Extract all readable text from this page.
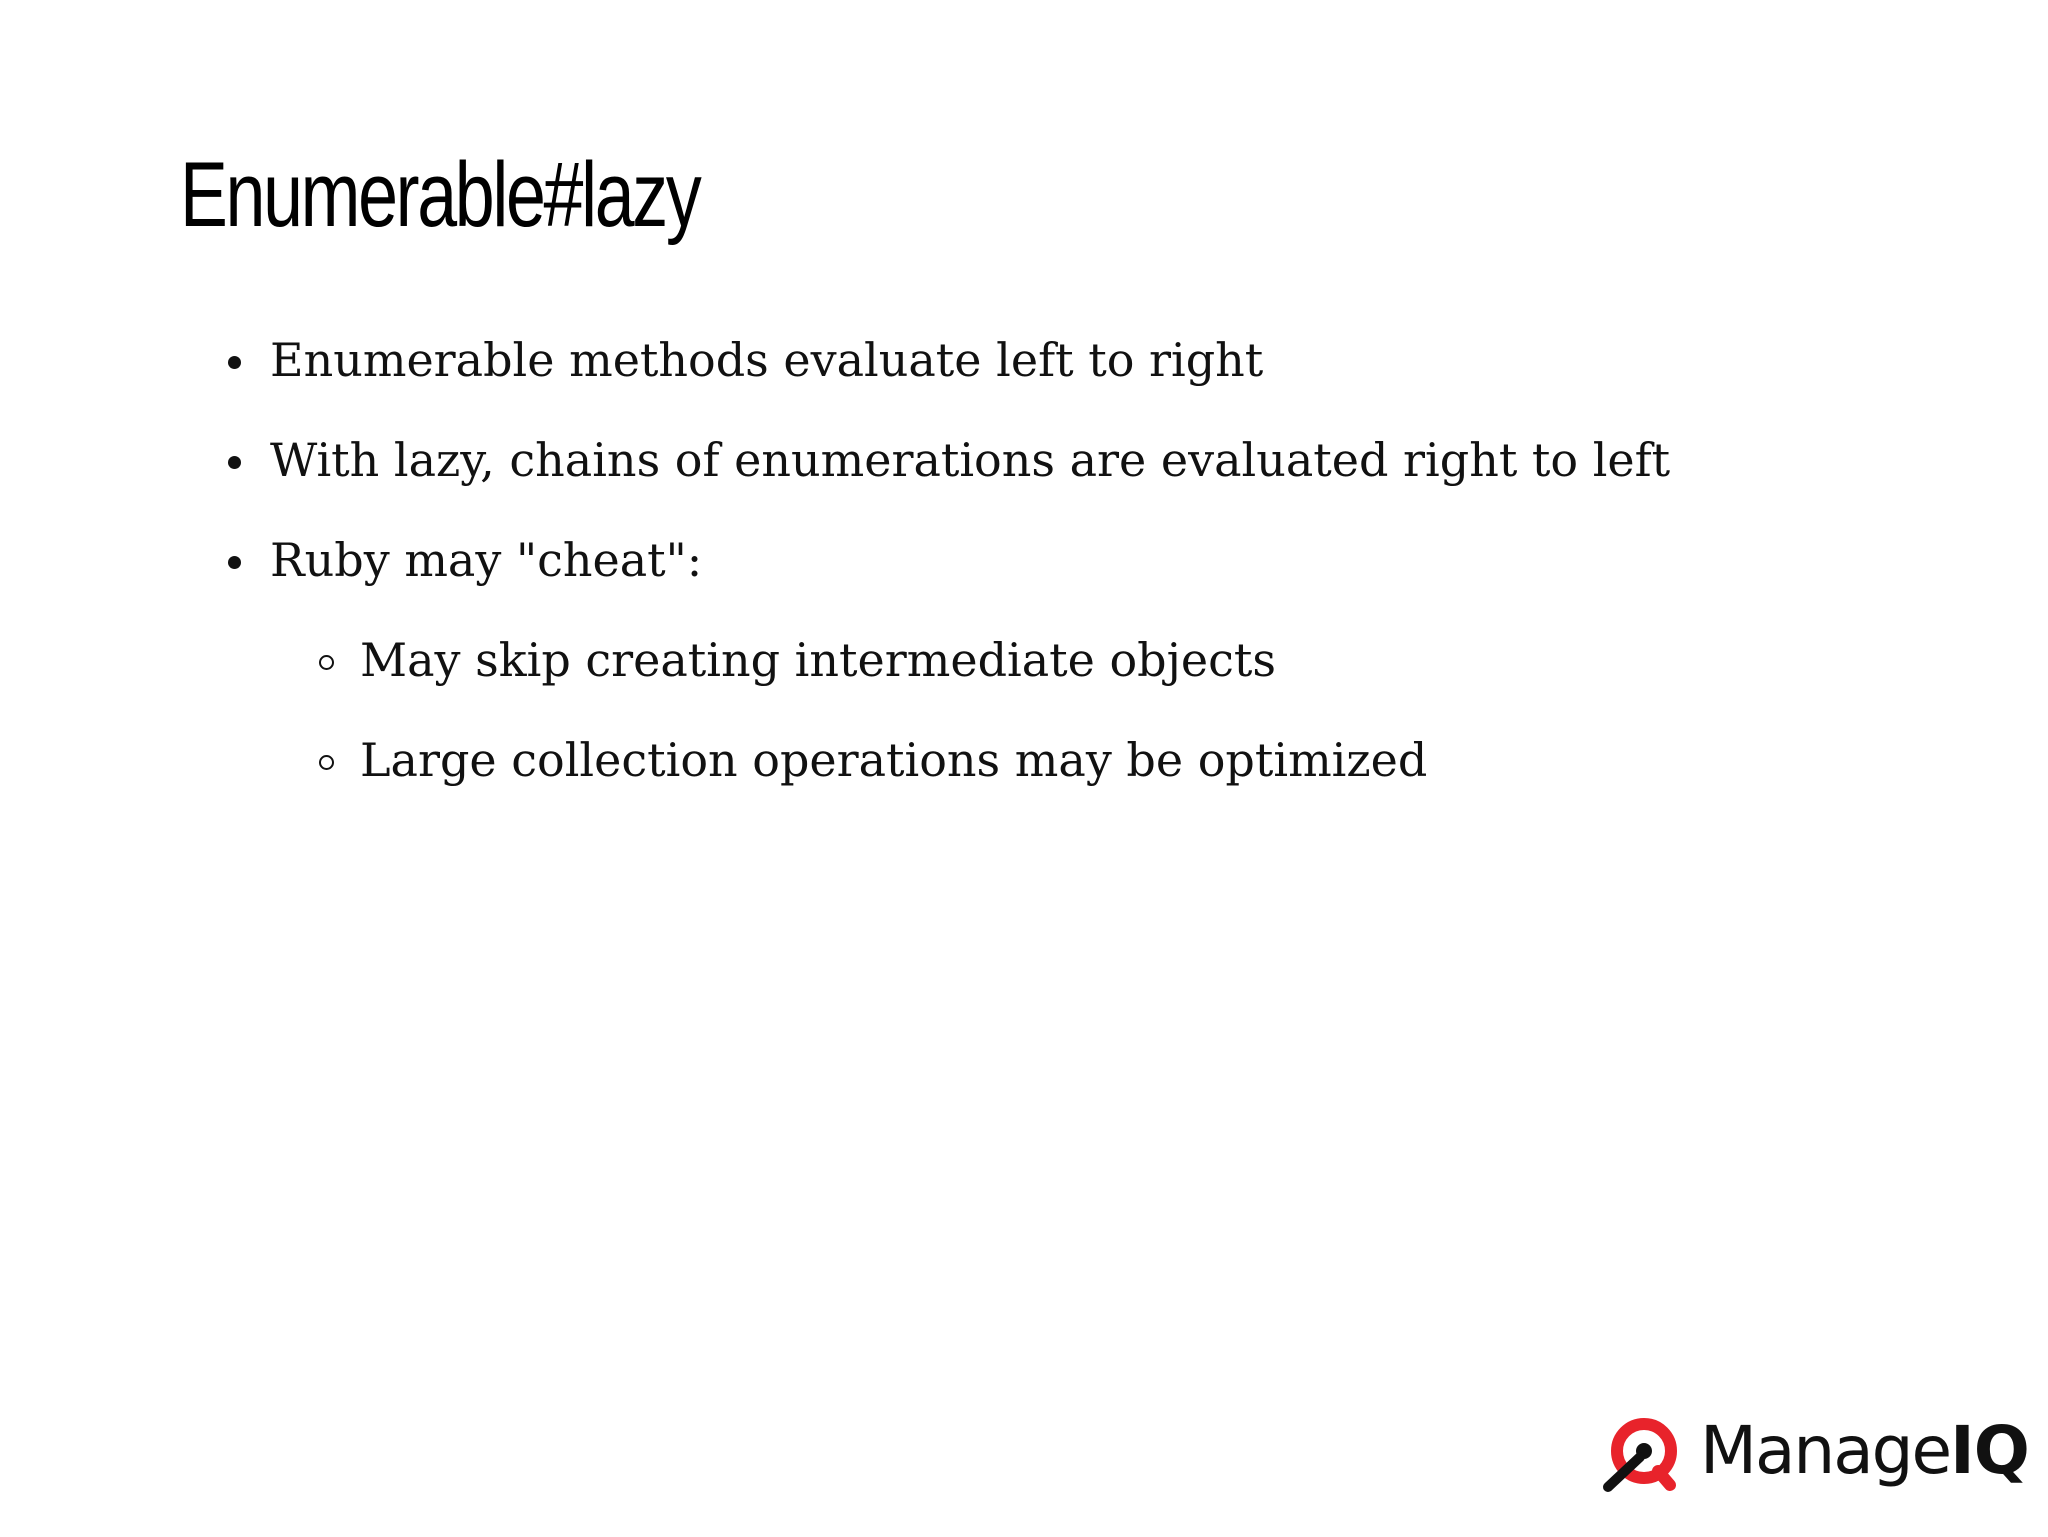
Enumerable#lazy
Enumerable methods evaluate left to right
With lazy, chains of enumerations are evaluated right to left
Ruby may "cheat":
May skip creating intermediate objects
Large collection operations may be optimized
ManageIQ
